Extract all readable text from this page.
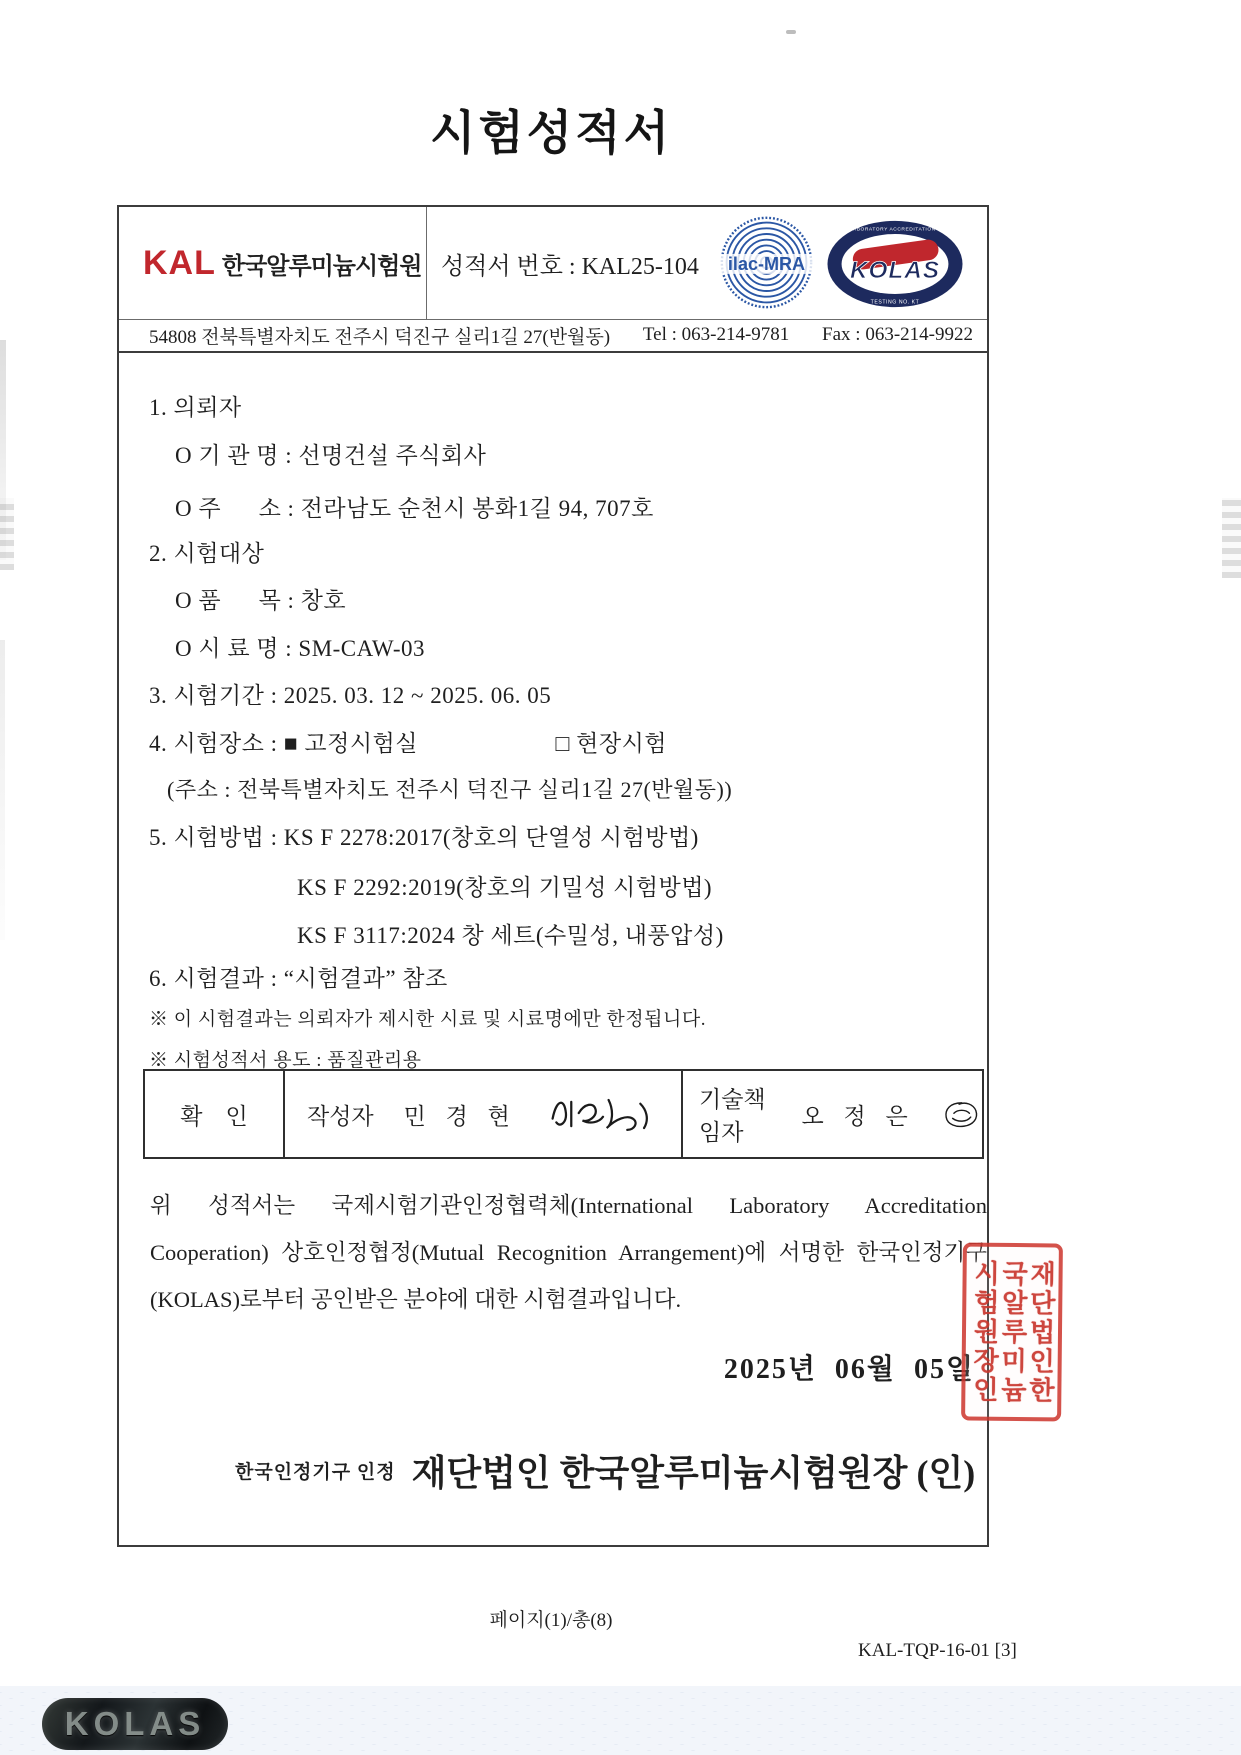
시험성적서
KAL 한국알루미늄시험원 성적서 번호 : KAL25-104	ilac-MRA KOLAS
KOREA LABORATORY ACCREDITATION SCHEME
TESTING NO. KT
54808 전북특별자치도 전주시 덕진구 실리1길 27(반월동) Tel : 063-214-9781 Fax : 063-214-9922
1. 의뢰자
O 기 관 명 : 선명건설 주식회사
O 주      소 : 전라남도 순천시 봉화1길 94, 707호
2. 시험대상
O 품      목 : 창호
O 시 료 명 : SM-CAW-03
3. 시험기간 : 2025. 03. 12 ~ 2025. 06. 05
4. 시험장소 : ■ 고정시험실                      □ 현장시험
(주소 : 전북특별자치도 전주시 덕진구 실리1길 27(반월동))
5. 시험방법 : KS F 2278:2017(창호의 단열성 시험방법)
KS F 2292:2019(창호의 기밀성 시험방법)
KS F 3117:2024 창 세트(수밀성, 내풍압성)
6. 시험결과 : “시험결과” 참조
※ 이 시험결과는 의뢰자가 제시한 시료 및 시료명에만 한정됩니다.
※ 시험성적서 용도 : 품질관리용
확    인	작성자 민 경 현
기술책임자
오 정 은
위 성적서는 국제시험기관인정협력체(International Laboratory Accreditation Cooperation) 상호인정협정(Mutual Recognition Arrangement)에 서명한 한국인정기구(KOLAS)로부터 공인받은 분야에 대한 시험결과입니다.
2025년  06월  05일
한국인정기구 인정 재단법인 한국알루미늄시험원장 (인)
재단법인한
국알루미늄
시험원장인
페이지(1)/총(8)
KAL-TQP-16-01 [3]
KOLAS
